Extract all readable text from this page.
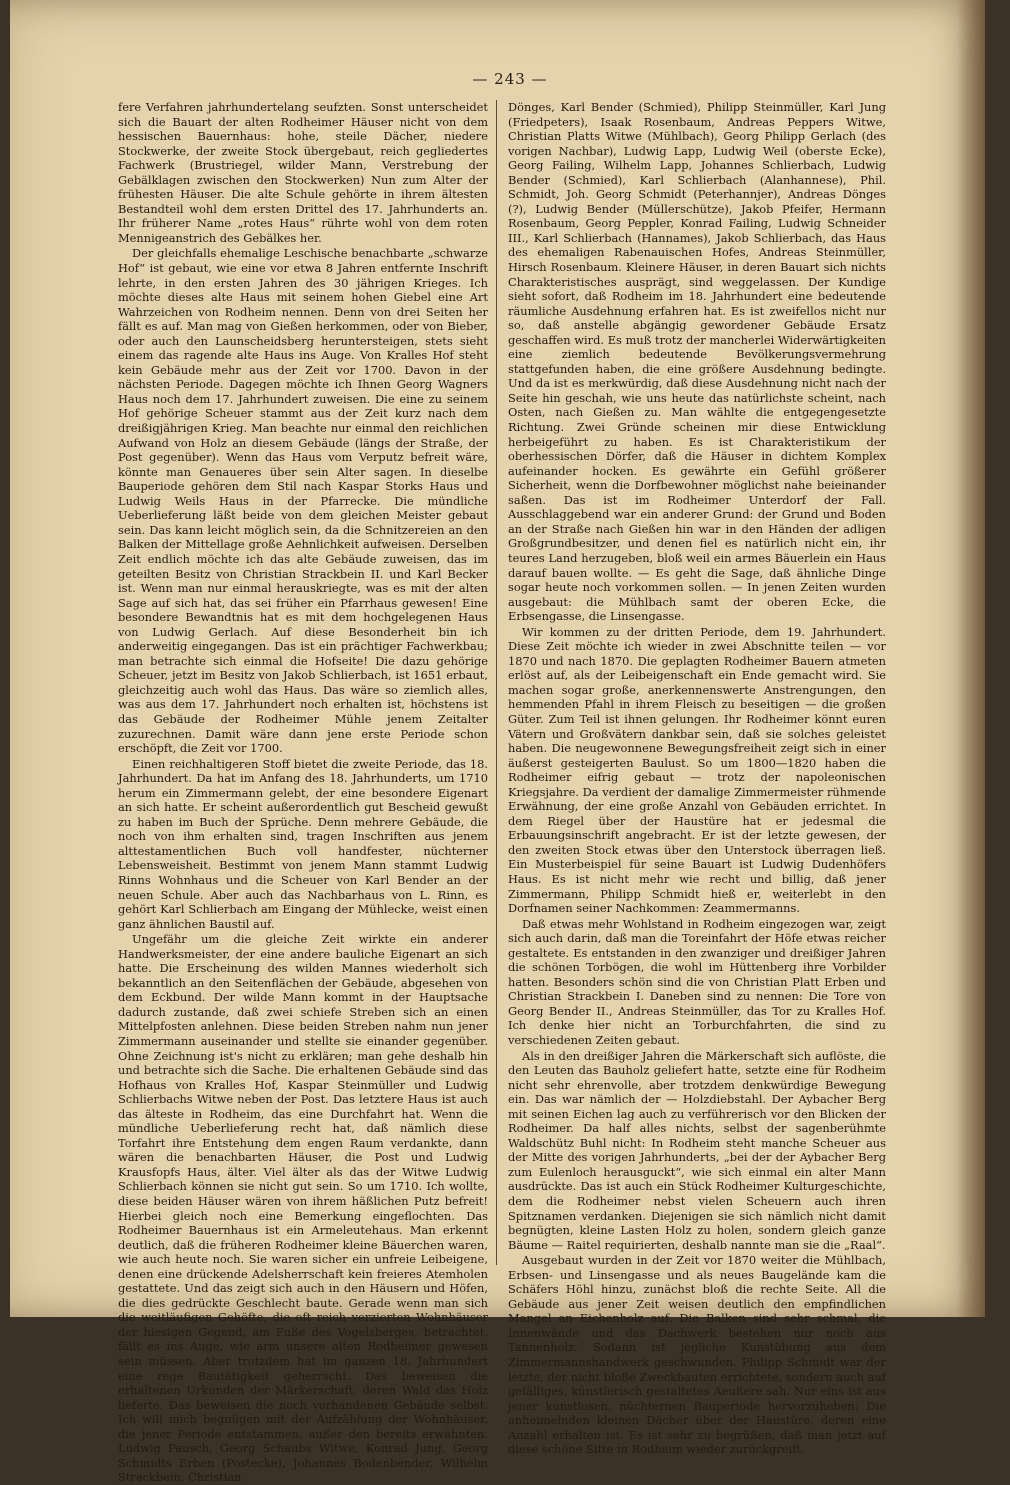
— 243 —

fere Verfahren jahrhundertelang seufzten. Sonst unterscheidet sich die Bauart der alten Rodheimer Häuser nicht von dem hessischen Bauernhaus: hohe, steile Dächer, niedere Stockwerke, der zweite Stock übergebaut, reich gegliedertes Fachwerk (Brustriegel, wilder Mann, Verstrebung der Gebälklagen zwischen den Stockwerken) Nun zum Alter der frühesten Häuser. Die alte Schule gehörte in ihrem ältesten Bestandteil wohl dem ersten Drittel des 17. Jahrhunderts an. Ihr früherer Name „rotes Haus“ rührte wohl von dem roten Mennigeanstrich des Gebälkes her.

Der gleichfalls ehemalige Leschische benachbarte „schwarze Hof“ ist gebaut, wie eine vor etwa 8 Jahren entfernte Inschrift lehrte, in den ersten Jahren des 30 jährigen Krieges. Ich möchte dieses alte Haus mit seinem hohen Giebel eine Art Wahrzeichen von Rodheim nennen. Denn von drei Seiten her fällt es auf. Man mag von Gießen herkommen, oder von Bieber, oder auch den Launscheidsberg heruntersteigen, stets sieht einem das ragende alte Haus ins Auge. Von Kralles Hof steht kein Gebäude mehr aus der Zeit vor 1700. Davon in der nächsten Periode. Dagegen möchte ich Ihnen Georg Wagners Haus noch dem 17. Jahrhundert zuweisen. Die eine zu seinem Hof gehörige Scheuer stammt aus der Zeit kurz nach dem dreißigjährigen Krieg. Man beachte nur einmal den reichlichen Aufwand von Holz an diesem Gebäude (längs der Straße, der Post gegenüber). Wenn das Haus vom Verputz befreit wäre, könnte man Genaueres über sein Alter sagen. In dieselbe Bauperiode gehören dem Stil nach Kaspar Storks Haus und Ludwig Weils Haus in der Pfarrecke. Die mündliche Ueberlieferung läßt beide von dem gleichen Meister gebaut sein. Das kann leicht möglich sein, da die Schnitzereien an den Balken der Mittellage große Aehnlichkeit aufweisen. Derselben Zeit endlich möchte ich das alte Gebäude zuweisen, das im geteilten Besitz von Christian Strackbein II. und Karl Becker ist. Wenn man nur einmal herauskriegte, was es mit der alten Sage auf sich hat, das sei früher ein Pfarrhaus gewesen! Eine besondere Bewandtnis hat es mit dem hochgelegenen Haus von Ludwig Gerlach. Auf diese Besonderheit bin ich anderweitig eingegangen. Das ist ein prächtiger Fachwerkbau; man betrachte sich einmal die Hofseite! Die dazu gehörige Scheuer, jetzt im Besitz von Jakob Schlierbach, ist 1651 erbaut, gleichzeitig auch wohl das Haus. Das wäre so ziemlich alles, was aus dem 17. Jahrhundert noch erhalten ist, höchstens ist das Gebäude der Rodheimer Mühle jenem Zeitalter zuzurechnen. Damit wäre dann jene erste Periode schon erschöpft, die Zeit vor 1700.

Einen reichhaltigeren Stoff bietet die zweite Periode, das 18. Jahrhundert. Da hat im Anfang des 18. Jahrhunderts, um 1710 herum ein Zimmermann gelebt, der eine besondere Eigenart an sich hatte. Er scheint außerordentlich gut Bescheid gewußt zu haben im Buch der Sprüche. Denn mehrere Gebäude, die noch von ihm erhalten sind, tragen Inschriften aus jenem alttestamentlichen Buch voll handfester, nüchterner Lebensweisheit. Bestimmt von jenem Mann stammt Ludwig Rinns Wohnhaus und die Scheuer von Karl Bender an der neuen Schule. Aber auch das Nachbarhaus von L. Rinn, es gehört Karl Schlierbach am Eingang der Mühlecke, weist einen ganz ähnlichen Baustil auf.

Ungefähr um die gleiche Zeit wirkte ein anderer Handwerksmeister, der eine andere bauliche Eigenart an sich hatte. Die Erscheinung des wilden Mannes wiederholt sich bekanntlich an den Seitenflächen der Gebäude, abgesehen von dem Eckbund. Der wilde Mann kommt in der Hauptsache dadurch zustande, daß zwei schiefe Streben sich an einen Mittelpfosten anlehnen. Diese beiden Streben nahm nun jener Zimmermann auseinander und stellte sie einander gegenüber. Ohne Zeichnung ist's nicht zu erklären; man gehe deshalb hin und betrachte sich die Sache. Die erhaltenen Gebäude sind das Hofhaus von Kralles Hof, Kaspar Steinmüller und Ludwig Schlierbachs Witwe neben der Post. Das letztere Haus ist auch das älteste in Rodheim, das eine Durchfahrt hat. Wenn die mündliche Ueberlieferung recht hat, daß nämlich diese Torfahrt ihre Entstehung dem engen Raum verdankte, dann wären die benachbarten Häuser, die Post und Ludwig Krausfopfs Haus, älter. Viel älter als das der Witwe Ludwig Schlierbach können sie nicht gut sein. So um 1710. Ich wollte, diese beiden Häuser wären von ihrem häßlichen Putz befreit! Hierbei gleich noch eine Bemerkung eingeflochten. Das Rodheimer Bauernhaus ist ein Armeleutehaus. Man erkennt deutlich, daß die früheren Rodheimer kleine Bäuerchen waren, wie auch heute noch. Sie waren sicher ein unfreie Leibeigene, denen eine drückende Adelsherrschaft kein freieres Atemholen gestattete. Und das zeigt sich auch in den Häusern und Höfen, die dies gedrückte Geschlecht baute. Gerade wenn man sich die weitläufigen Gehöfte, die oft reich verzierten Wohnhäuser der hiesigen Gegend, am Fuße des Vogelsberges, betrachtet, fällt es ins Auge, wie arm unsere alten Rodheimer gewesen sein müssen. Aber trotzdem hat im ganzen 18. Jahrhundert eine rege Bautätigkeit geherrscht. Das beweisen die erhaltenen Urkunden der Märkerschaft, deren Wald das Holz lieferte. Das beweisen die noch vorhandenen Gebäude selbst. Ich will mich begnügen mit der Aufzählung der Wohnhäuser, die jener Periode entstammen, außer den bereits erwähnten. Ludwig Pausch, Georg Schaubs Witwe, Konrad Jung, Georg Schmidts Erben (Postecke), Johannes Bodenbender, Wilhelm Strackbein, Christian

Dönges, Karl Bender (Schmied), Philipp Steinmüller, Karl Jung (Friedpeters), Isaak Rosenbaum, Andreas Peppers Witwe, Christian Platts Witwe (Mühlbach), Georg Philipp Gerlach (des vorigen Nachbar), Ludwig Lapp, Ludwig Weil (oberste Ecke), Georg Failing, Wilhelm Lapp, Johannes Schlierbach, Ludwig Bender (Schmied), Karl Schlierbach (Alanhannese), Phil. Schmidt, Joh. Georg Schmidt (Peterhannjer), Andreas Dönges (?), Ludwig Bender (Müllerschütze), Jakob Pfeifer, Hermann Rosenbaum, Georg Peppler, Konrad Failing, Ludwig Schneider III., Karl Schlierbach (Hannames), Jakob Schlierbach, das Haus des ehemaligen Rabenauischen Hofes, Andreas Steinmüller, Hirsch Rosenbaum. Kleinere Häuser, in deren Bauart sich nichts Charakteristisches ausprägt, sind weggelassen. Der Kundige sieht sofort, daß Rodheim im 18. Jahrhundert eine bedeutende räumliche Ausdehnung erfahren hat. Es ist zweifellos nicht nur so, daß anstelle abgängig gewordener Gebäude Ersatz geschaffen wird. Es muß trotz der mancherlei Widerwärtigkeiten eine ziemlich bedeutende Bevölkerungsvermehrung stattgefunden haben, die eine größere Ausdehnung bedingte. Und da ist es merkwürdig, daß diese Ausdehnung nicht nach der Seite hin geschah, wie uns heute das natürlichste scheint, nach Osten, nach Gießen zu. Man wählte die entgegengesetzte Richtung. Zwei Gründe scheinen mir diese Entwicklung herbeigeführt zu haben. Es ist Charakteristikum der oberhessischen Dörfer, daß die Häuser in dichtem Komplex aufeinander hocken. Es gewährte ein Gefühl größerer Sicherheit, wenn die Dorfbewohner möglichst nahe beieinander saßen. Das ist im Rodheimer Unterdorf der Fall. Ausschlaggebend war ein anderer Grund: der Grund und Boden an der Straße nach Gießen hin war in den Händen der adligen Großgrundbesitzer, und denen fiel es natürlich nicht ein, ihr teures Land herzugeben, bloß weil ein armes Bäuerlein ein Haus darauf bauen wollte. — Es geht die Sage, daß ähnliche Dinge sogar heute noch vorkommen sollen. — In jenen Zeiten wurden ausgebaut: die Mühlbach samt der oberen Ecke, die Erbsengasse, die Linsengasse.

Wir kommen zu der dritten Periode, dem 19. Jahrhundert. Diese Zeit möchte ich wieder in zwei Abschnitte teilen — vor 1870 und nach 1870. Die geplagten Rodheimer Bauern atmeten erlöst auf, als der Leibeigenschaft ein Ende gemacht wird. Sie machen sogar große, anerkennenswerte Anstrengungen, den hemmenden Pfahl in ihrem Fleisch zu beseitigen — die großen Güter. Zum Teil ist ihnen gelungen. Ihr Rodheimer könnt euren Vätern und Großvätern dankbar sein, daß sie solches geleistet haben. Die neugewonnene Bewegungsfreiheit zeigt sich in einer äußerst gesteigerten Baulust. So um 1800—1820 haben die Rodheimer eifrig gebaut — trotz der napoleonischen Kriegsjahre. Da verdient der damalige Zimmermeister rühmende Erwähnung, der eine große Anzahl von Gebäuden errichtet. In dem Riegel über der Haustüre hat er jedesmal die Erbauungsinschrift angebracht. Er ist der letzte gewesen, der den zweiten Stock etwas über den Unterstock überragen ließ. Ein Musterbeispiel für seine Bauart ist Ludwig Dudenhöfers Haus. Es ist nicht mehr wie recht und billig, daß jener Zimmermann, Philipp Schmidt hieß er, weiterlebt in den Dorfnamen seiner Nachkommen: Zeammermanns.

Daß etwas mehr Wohlstand in Rodheim eingezogen war, zeigt sich auch darin, daß man die Toreinfahrt der Höfe etwas reicher gestaltete. Es entstanden in den zwanziger und dreißiger Jahren die schönen Torbögen, die wohl im Hüttenberg ihre Vorbilder hatten. Besonders schön sind die von Christian Platt Erben und Christian Strackbein I. Daneben sind zu nennen: Die Tore von Georg Bender II., Andreas Steinmüller, das Tor zu Kralles Hof. Ich denke hier nicht an Torburchfahrten, die sind zu verschiedenen Zeiten gebaut.

Als in den dreißiger Jahren die Märkerschaft sich auflöste, die den Leuten das Bauholz geliefert hatte, setzte eine für Rodheim nicht sehr ehrenvolle, aber trotzdem denkwürdige Bewegung ein. Das war nämlich der — Holzdiebstahl. Der Aybacher Berg mit seinen Eichen lag auch zu verführerisch vor den Blicken der Rodheimer. Da half alles nichts, selbst der sagenberühmte Waldschütz Buhl nicht: In Rodheim steht manche Scheuer aus der Mitte des vorigen Jahrhunderts, „bei der der Aybacher Berg zum Eulenloch herausguckt“, wie sich einmal ein alter Mann ausdrückte. Das ist auch ein Stück Rodheimer Kulturgeschichte, dem die Rodheimer nebst vielen Scheuern auch ihren Spitznamen verdanken. Diejenigen sie sich nämlich nicht damit begnügten, kleine Lasten Holz zu holen, sondern gleich ganze Bäume — Raitel requirierten, deshalb nannte man sie die „Raal“.

Ausgebaut wurden in der Zeit vor 1870 weiter die Mühlbach, Erbsen- und Linsengasse und als neues Baugelände kam die Schäfers Höhl hinzu, zunächst bloß die rechte Seite. All die Gebäude aus jener Zeit weisen deutlich den empfindlichen Mangel an Eichenholz auf. Die Balken sind sehr schmal, die Innenwände und das Dachwerk bestehen nur noch aus Tannenholz. Sodann ist jegliche Kunstübung aus dem Zimmermannshandwerk geschwunden. Philipp Schmidt war der letzte, der nicht bloße Zweckbauten errichtete, sondern auch auf gefälliges, künstlerisch gestaltetes Aeußere sah. Nur eins ist aus jener kunstlosen, nüchternen Bauperiode hervorzuheben: Die anheimelnden kleinen Dächer über der Haustüre, deren eine Anzahl erhalten ist. Es ist sehr zu begrüßen, daß man jetzt auf diese schöne Sitte in Rodheim wieder zurückgreift.
